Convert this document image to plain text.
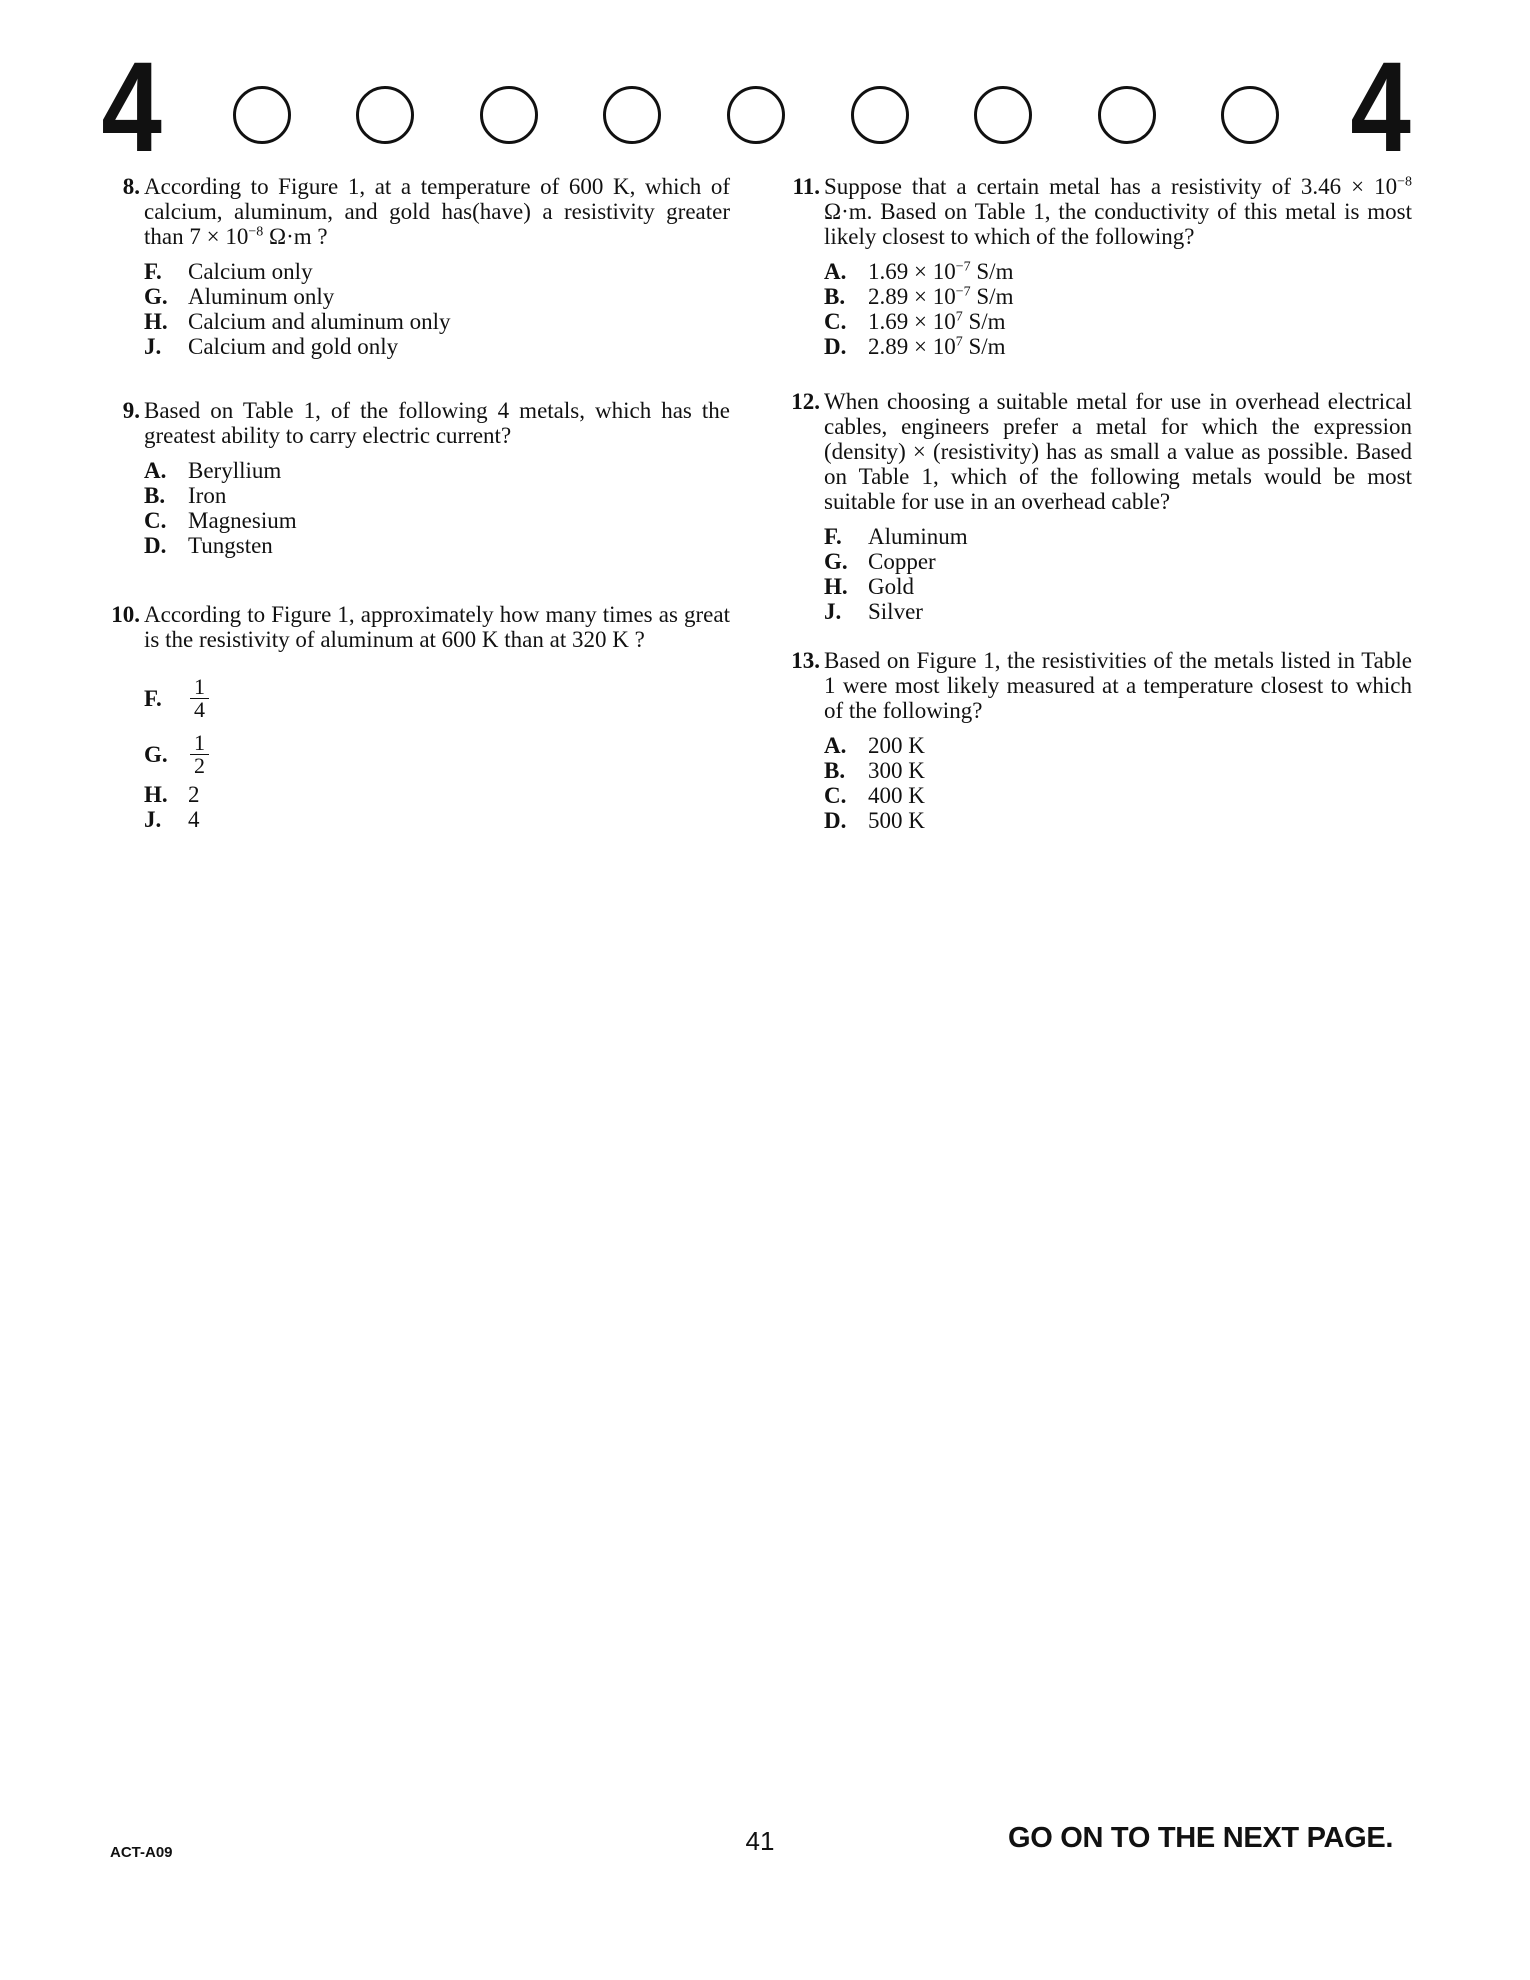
4	4
8. According to Figure 1, at a temperature of 600 K, which of calcium, aluminum, and gold has(have) a resistivity greater than $7 \times 10^{-8}$ Ω·m ?
F.	Calcium only
G. Aluminum only
H. Calcium and aluminum only
J.	Calcium and gold only
9. Based on Table 1, of the following 4 metals, which has the greatest ability to carry electric current?
A. Beryllium
B. Iron
C. Magnesium
D. Tungsten
10. According to Figure 1, approximately how many times as great is the resistivity of aluminum at 600 K than at 320 K ?
F.	$\frac{1}{4}$
G.	$\frac{1}{2}$
H. 2
J.	4
11. Suppose that a certain metal has a resistivity of $3.46 \times 10^{-8}$ Ω·m. Based on Table 1, the conductivity of this metal is most likely closest to which of the following?
A. $1.69 \times 10^{-7}$ S/m
B. $2.89 \times 10^{-7}$ S/m
C. $1.69 \times 10^7$ S/m
D. $2.89 \times 10^7$ S/m
12. When choosing a suitable metal for use in overhead electrical cables, engineers prefer a metal for which the expression (density) × (resistivity) has as small a value as possible. Based on Table 1, which of the following metals would be most suitable for use in an overhead cable?
F.	Aluminum
G. Copper
H. Gold
J.	Silver
13. Based on Figure 1, the resistivities of the metals listed in Table 1 were most likely measured at a temperature closest to which of the following?
A. 200 K
B. 300 K
C. 400 K
D. 500 K
ACT-A09	41	GO ON TO THE NEXT PAGE.
